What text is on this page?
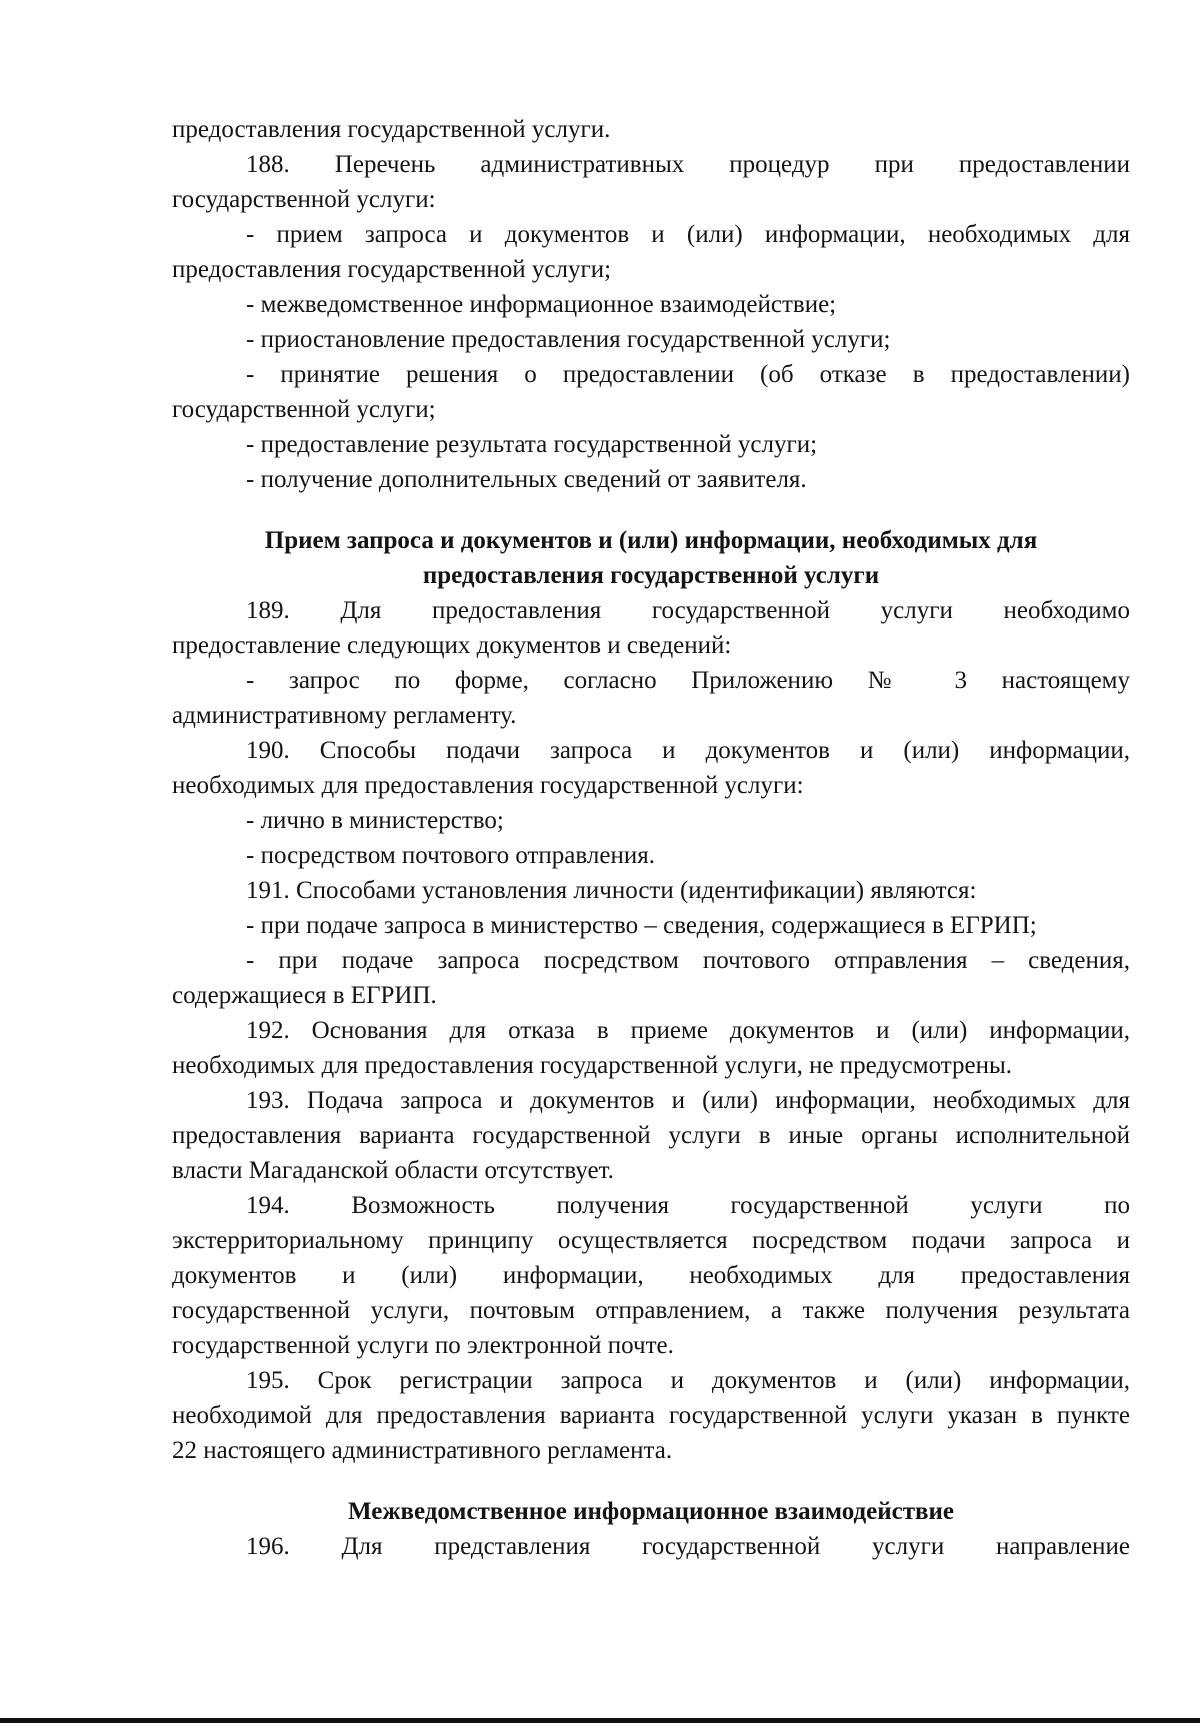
предоставления государственной услуги.
188. Перечень административных процедур при предоставлении
государственной услуги:
- прием запроса и документов и (или) информации, необходимых для
предоставления государственной услуги;
- межведомственное информационное взаимодействие;
- приостановление предоставления государственной услуги;
- принятие решения о предоставлении (об отказе в предоставлении)
государственной услуги;
- предоставление результата государственной услуги;
- получение дополнительных сведений от заявителя.
Прием запроса и документов и (или) информации, необходимых для
предоставления государственной услуги
189. Для предоставления государственной услуги необходимо
предоставление следующих документов и сведений:
- запрос по форме, согласно Приложению № 3 настоящему
административному регламенту.
190. Способы подачи запроса и документов и (или) информации,
необходимых для предоставления государственной услуги:
- лично в министерство;
- посредством почтового отправления.
191. Способами установления личности (идентификации) являются:
- при подаче запроса в министерство – сведения, содержащиеся в ЕГРИП;
- при подаче запроса посредством почтового отправления – сведения,
содержащиеся в ЕГРИП.
192. Основания для отказа в приеме документов и (или) информации,
необходимых для предоставления государственной услуги, не предусмотрены.
193. Подача запроса и документов и (или) информации, необходимых для
предоставления варианта государственной услуги в иные органы исполнительной
власти Магаданской области отсутствует.
194. Возможность получения государственной услуги по
экстерриториальному принципу осуществляется посредством подачи запроса и
документов и (или) информации, необходимых для предоставления
государственной услуги, почтовым отправлением, а также получения результата
государственной услуги по электронной почте.
195. Срок регистрации запроса и документов и (или) информации,
необходимой для предоставления варианта государственной услуги указан в пункте
22 настоящего административного регламента.
Межведомственное информационное взаимодействие
196. Для представления государственной услуги направление
